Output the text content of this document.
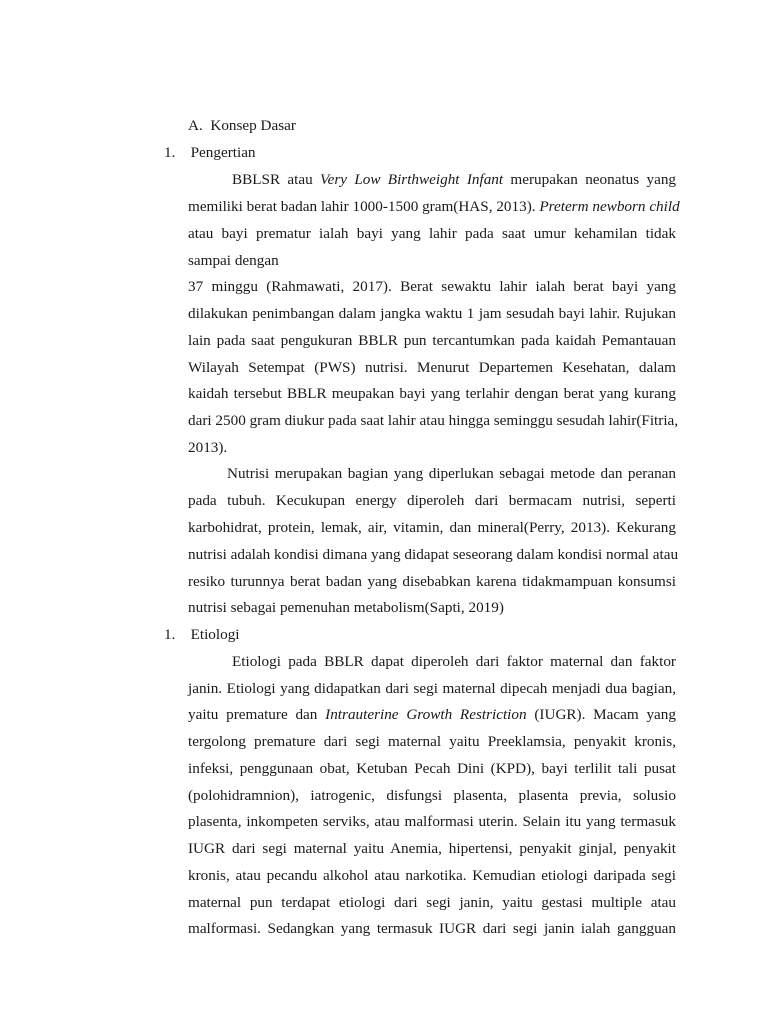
A. Konsep Dasar
1. Pengertian
BBLSR atau Very Low Birthweight Infant merupakan neonatus yang
memiliki berat badan lahir 1000-1500 gram(HAS, 2013). Preterm newborn child
atau bayi prematur ialah bayi yang lahir pada saat umur kehamilan tidak
sampai dengan
37 minggu (Rahmawati, 2017). Berat sewaktu lahir ialah berat bayi yang
dilakukan penimbangan dalam jangka waktu 1 jam sesudah bayi lahir. Rujukan
lain pada saat pengukuran BBLR pun tercantumkan pada kaidah Pemantauan
Wilayah Setempat (PWS) nutrisi. Menurut Departemen Kesehatan, dalam
kaidah tersebut BBLR meupakan bayi yang terlahir dengan berat yang kurang
dari 2500 gram diukur pada saat lahir atau hingga seminggu sesudah lahir(Fitria,
2013).
Nutrisi merupakan bagian yang diperlukan sebagai metode dan peranan
pada tubuh. Kecukupan energy diperoleh dari bermacam nutrisi, seperti
karbohidrat, protein, lemak, air, vitamin, dan mineral(Perry, 2013). Kekurang
nutrisi adalah kondisi dimana yang didapat seseorang dalam kondisi normal atau
resiko turunnya berat badan yang disebabkan karena tidakmampuan konsumsi
nutrisi sebagai pemenuhan metabolism(Sapti, 2019)
1. Etiologi
Etiologi pada BBLR dapat diperoleh dari faktor maternal dan faktor
janin. Etiologi yang didapatkan dari segi maternal dipecah menjadi dua bagian,
yaitu premature dan Intrauterine Growth Restriction (IUGR). Macam yang
tergolong premature dari segi maternal yaitu Preeklamsia, penyakit kronis,
infeksi, penggunaan obat, Ketuban Pecah Dini (KPD), bayi terlilit tali pusat
(polohidramnion), iatrogenic, disfungsi plasenta, plasenta previa, solusio
plasenta, inkompeten serviks, atau malformasi uterin. Selain itu yang termasuk
IUGR dari segi maternal yaitu Anemia, hipertensi, penyakit ginjal, penyakit
kronis, atau pecandu alkohol atau narkotika. Kemudian etiologi daripada segi
maternal pun terdapat etiologi dari segi janin, yaitu gestasi multiple atau
malformasi. Sedangkan yang termasuk IUGR dari segi janin ialah gangguan
